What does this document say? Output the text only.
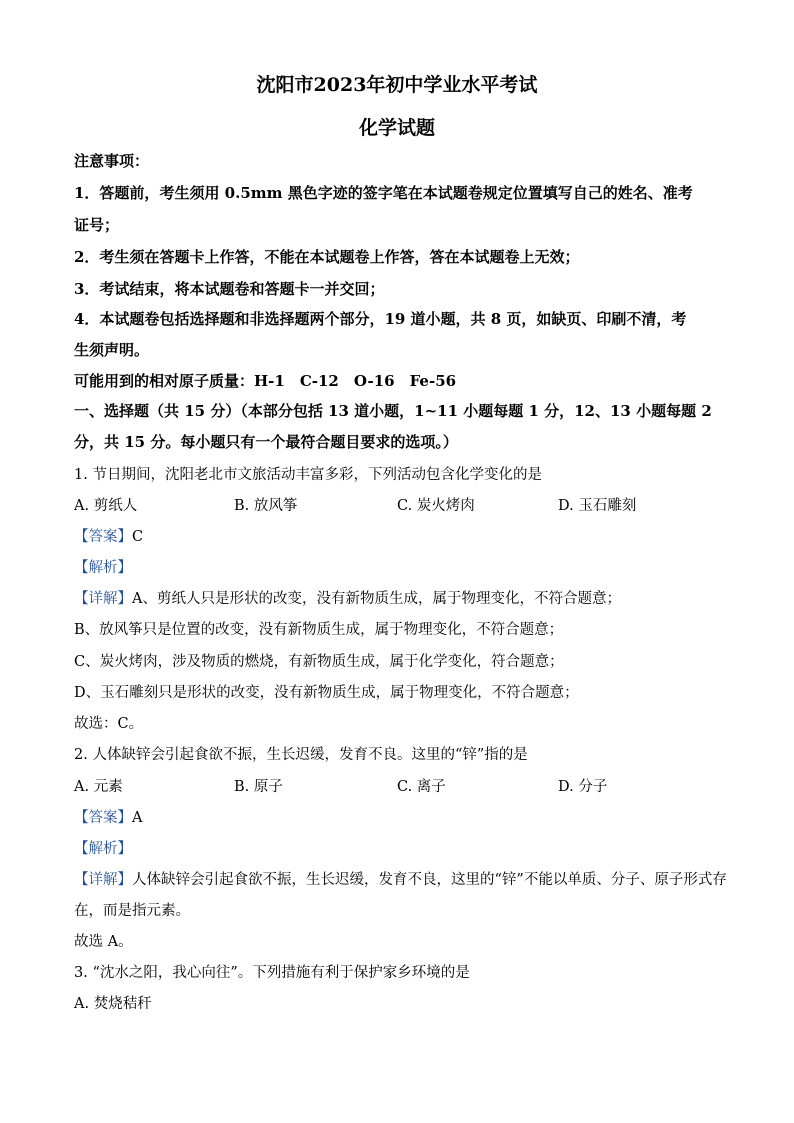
沈阳市2023年初中学业水平考试
化学试题
注意事项：
1．答题前，考生须用 0.5mm 黑色字迹的签字笔在本试题卷规定位置填写自己的姓名、准考
证号；
2．考生须在答题卡上作答，不能在本试题卷上作答，答在本试题卷上无效；
3．考试结束，将本试题卷和答题卡一并交回；
4．本试题卷包括选择题和非选择题两个部分，19 道小题，共 8 页，如缺页、印刷不清，考
生须声明。
可能用到的相对原子质量：H-1　C-12　O-16　Fe-56
一、选择题（共 15 分）（本部分包括 13 道小题，1~11 小题每题 1 分，12、13 小题每题 2
分，共 15 分。每小题只有一个最符合题目要求的选项。）
1. 节日期间，沈阳老北市文旅活动丰富多彩，下列活动包含化学变化的是
A. 剪纸人	B. 放风筝	C. 炭火烤肉	D. 玉石雕刻
【答案】C
【解析】
【详解】A、剪纸人只是形状的改变，没有新物质生成，属于物理变化，不符合题意；
B、放风筝只是位置的改变，没有新物质生成，属于物理变化，不符合题意；
C、炭火烤肉，涉及物质的燃烧，有新物质生成，属于化学变化，符合题意；
D、玉石雕刻只是形状的改变，没有新物质生成，属于物理变化，不符合题意；
故选：C。
2. 人体缺锌会引起食欲不振，生长迟缓，发育不良。这里的“锌”指的是
A. 元素	B. 原子	C. 离子	D. 分子
【答案】A
【解析】
【详解】人体缺锌会引起食欲不振，生长迟缓，发育不良，这里的“锌”不能以单质、分子、原子形式存
在，而是指元素。
故选 A。
3. “沈水之阳，我心向往”。下列措施有利于保护家乡环境的是
A. 焚烧秸秆
